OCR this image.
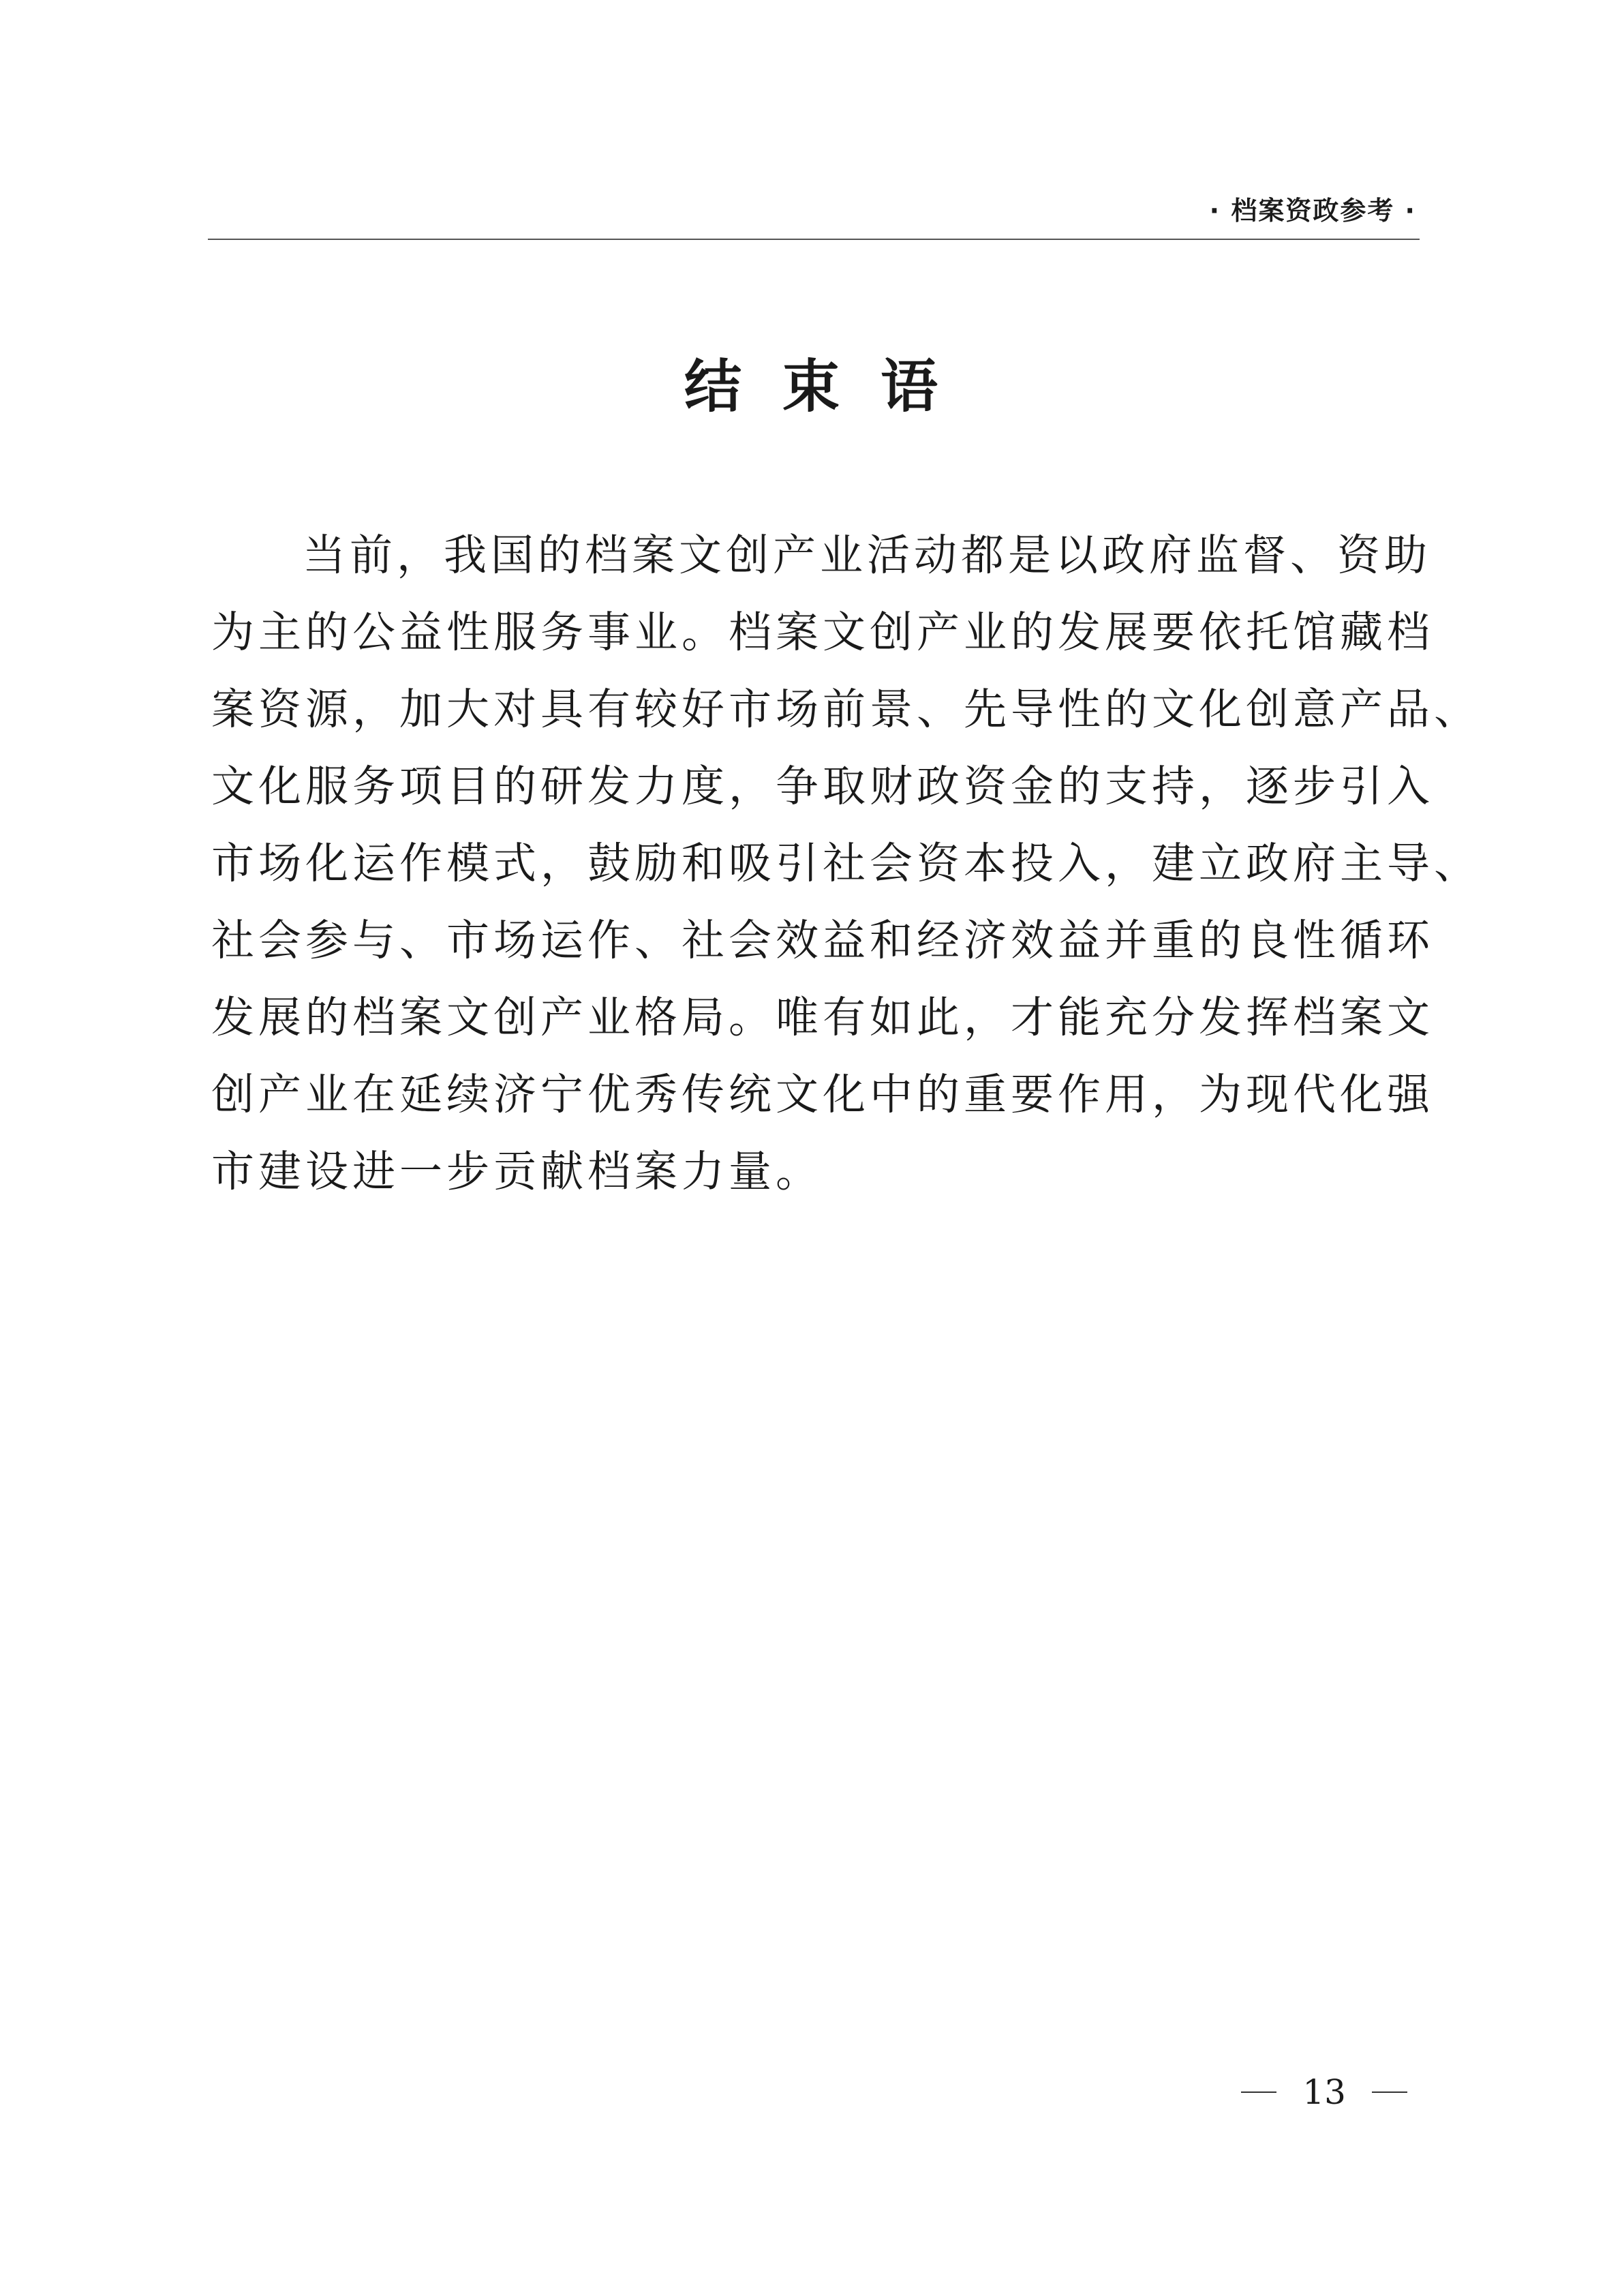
· 档案资政参考 ·
结束语
当前，我国的档案文创产业活动都是以政府监督、资助
为主的公益性服务事业。档案文创产业的发展要依托馆藏档
案资源，加大对具有较好市场前景、先导性的文化创意产品、
文化服务项目的研发力度，争取财政资金的支持，逐步引入
市场化运作模式，鼓励和吸引社会资本投入，建立政府主导、
社会参与、市场运作、社会效益和经济效益并重的良性循环
发展的档案文创产业格局。唯有如此，才能充分发挥档案文
创产业在延续济宁优秀传统文化中的重要作用，为现代化强
市建设进一步贡献档案力量。
13
